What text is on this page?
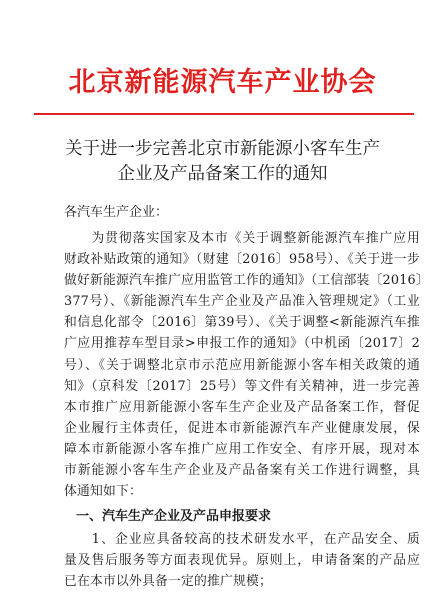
北京新能源汽车产业协会
关于进一步完善北京市新能源小客车生产
企业及产品备案工作的通知
各汽车生产企业：
　　为贯彻落实国家及本市《关于调整新能源汽车推广应用
财政补贴政策的通知》（财建〔2016〕958号）、《关于进一步
做好新能源汽车推广应用监管工作的通知》（工信部装〔2016〕
377号）、《新能源汽车生产企业及产品准入管理规定》（工业
和信息化部令〔2016〕第39号）、《关于调整<新能源汽车推
广应用推荐车型目录>申报工作的通知》（中机函〔2017〕2
号）、《关于调整北京市示范应用新能源小客车相关政策的通
知》（京科发〔2017〕25号）等文件有关精神，进一步完善
本市推广应用新能源小客车生产企业及产品备案工作，督促
企业履行主体责任，促进本市新能源汽车产业健康发展，保
障本市新能源小客车推广应用工作安全、有序开展，现对本
市新能源小客车生产企业及产品备案有关工作进行调整，具
体通知如下：
一、汽车生产企业及产品申报要求
　　1、企业应具备较高的技术研发水平，在产品安全、质
量及售后服务等方面表现优异。原则上，申请备案的产品应
已在本市以外具备一定的推广规模；
